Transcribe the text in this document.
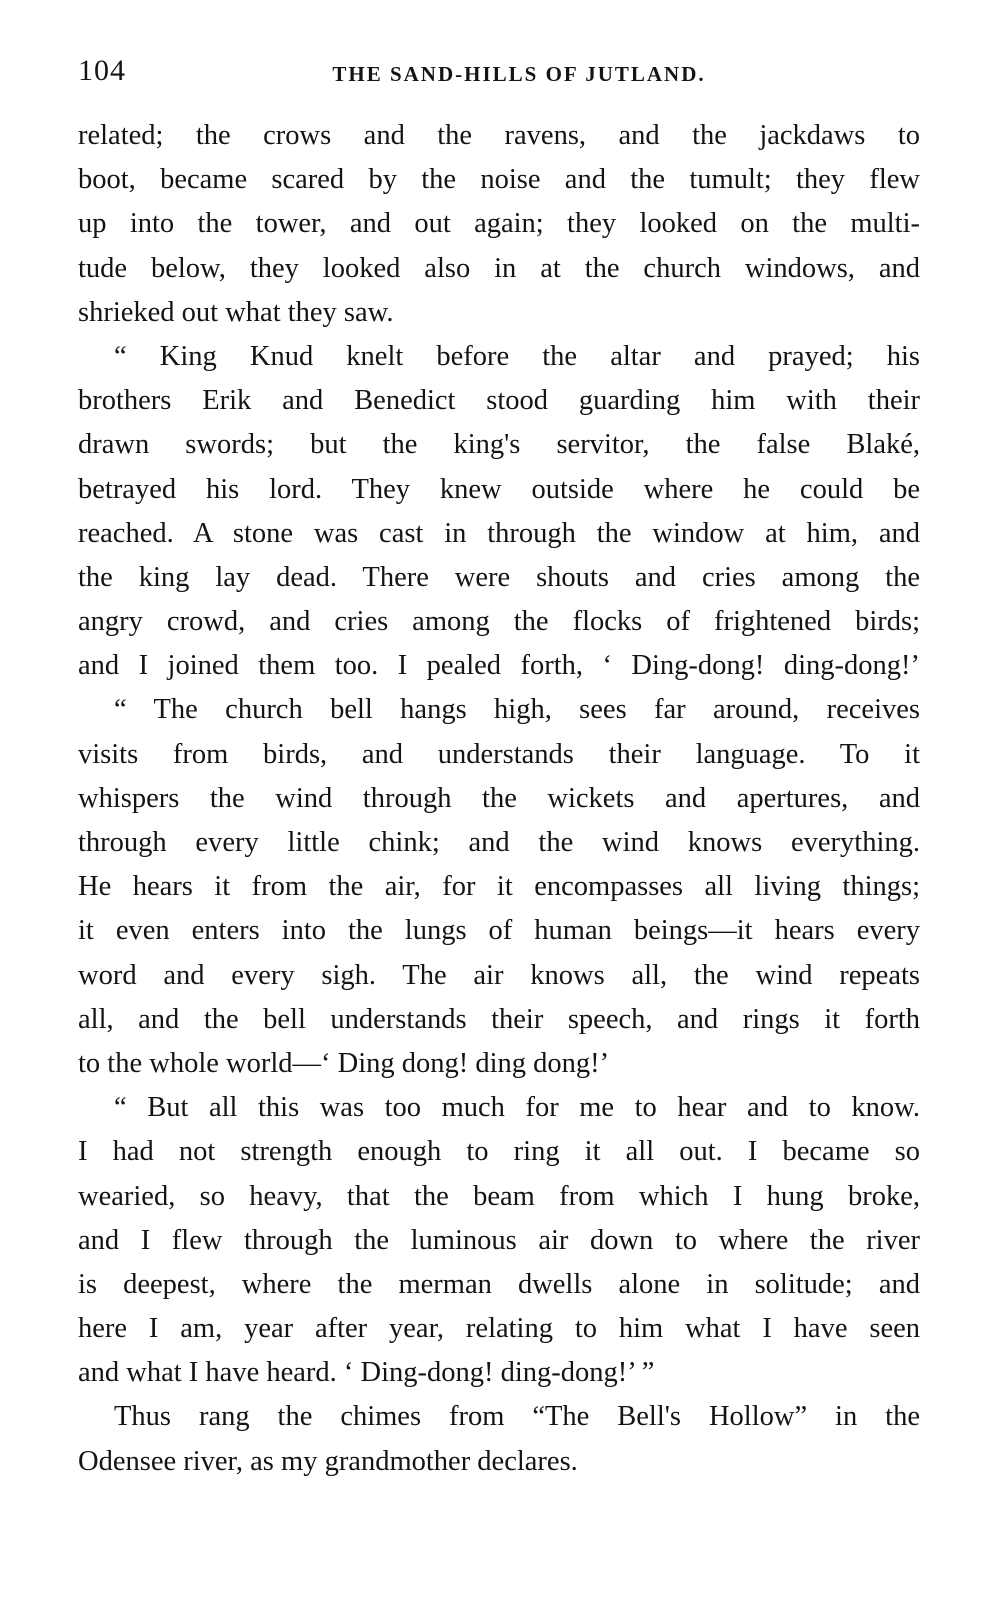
104	THE SAND-HILLS OF JUTLAND.
related; the crows and the ravens, and the jackdaws to
boot, became scared by the noise and the tumult; they flew
up into the tower, and out again; they looked on the multi-
tude below, they looked also in at the church windows, and
shrieked out what they saw.
“ King Knud knelt before the altar and prayed; his
brothers Erik and Benedict stood guarding him with their
drawn swords; but the king's servitor, the false Blaké,
betrayed his lord. They knew outside where he could be
reached. A stone was cast in through the window at him, and
the king lay dead. There were shouts and cries among the
angry crowd, and cries among the flocks of frightened birds;
and I joined them too. I pealed forth, ‘ Ding-dong! ding-dong!’
“ The church bell hangs high, sees far around, receives
visits from birds, and understands their language. To it
whispers the wind through the wickets and apertures, and
through every little chink; and the wind knows everything.
He hears it from the air, for it encompasses all living things;
it even enters into the lungs of human beings—it hears every
word and every sigh. The air knows all, the wind repeats
all, and the bell understands their speech, and rings it forth
to the whole world—‘ Ding dong! ding dong!’
“ But all this was too much for me to hear and to know.
I had not strength enough to ring it all out. I became so
wearied, so heavy, that the beam from which I hung broke,
and I flew through the luminous air down to where the river
is deepest, where the merman dwells alone in solitude; and
here I am, year after year, relating to him what I have seen
and what I have heard. ‘ Ding-dong! ding-dong!’ ”
Thus rang the chimes from “The Bell's Hollow” in the
Odensee river, as my grandmother declares.
